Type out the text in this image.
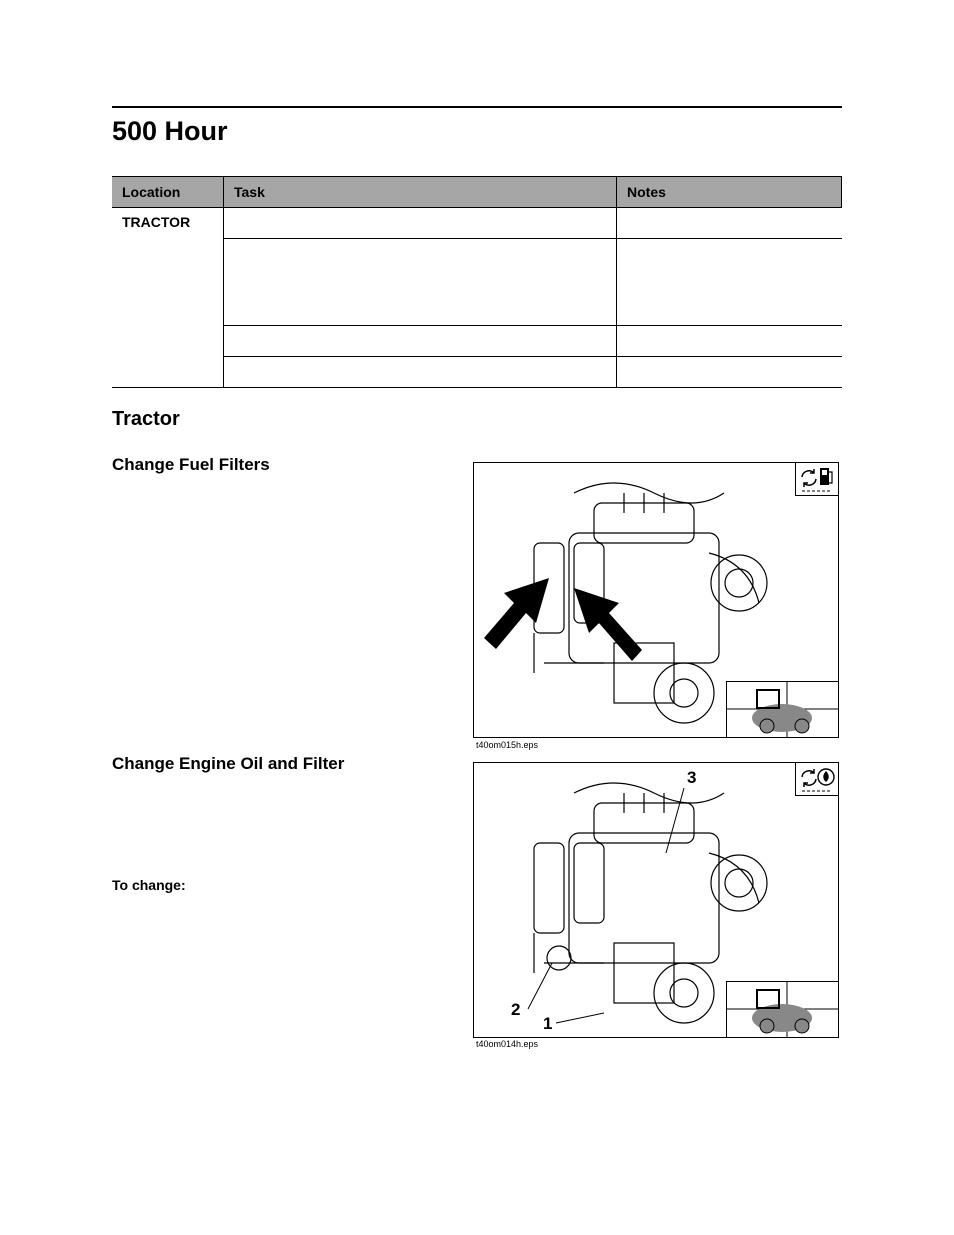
500 Hour
Location	Task	Notes
TRACTOR		

Tractor
Change Fuel Filters
t40om015h.eps
Change Engine Oil and Filter
To change:
3
2
1
t40om014h.eps
